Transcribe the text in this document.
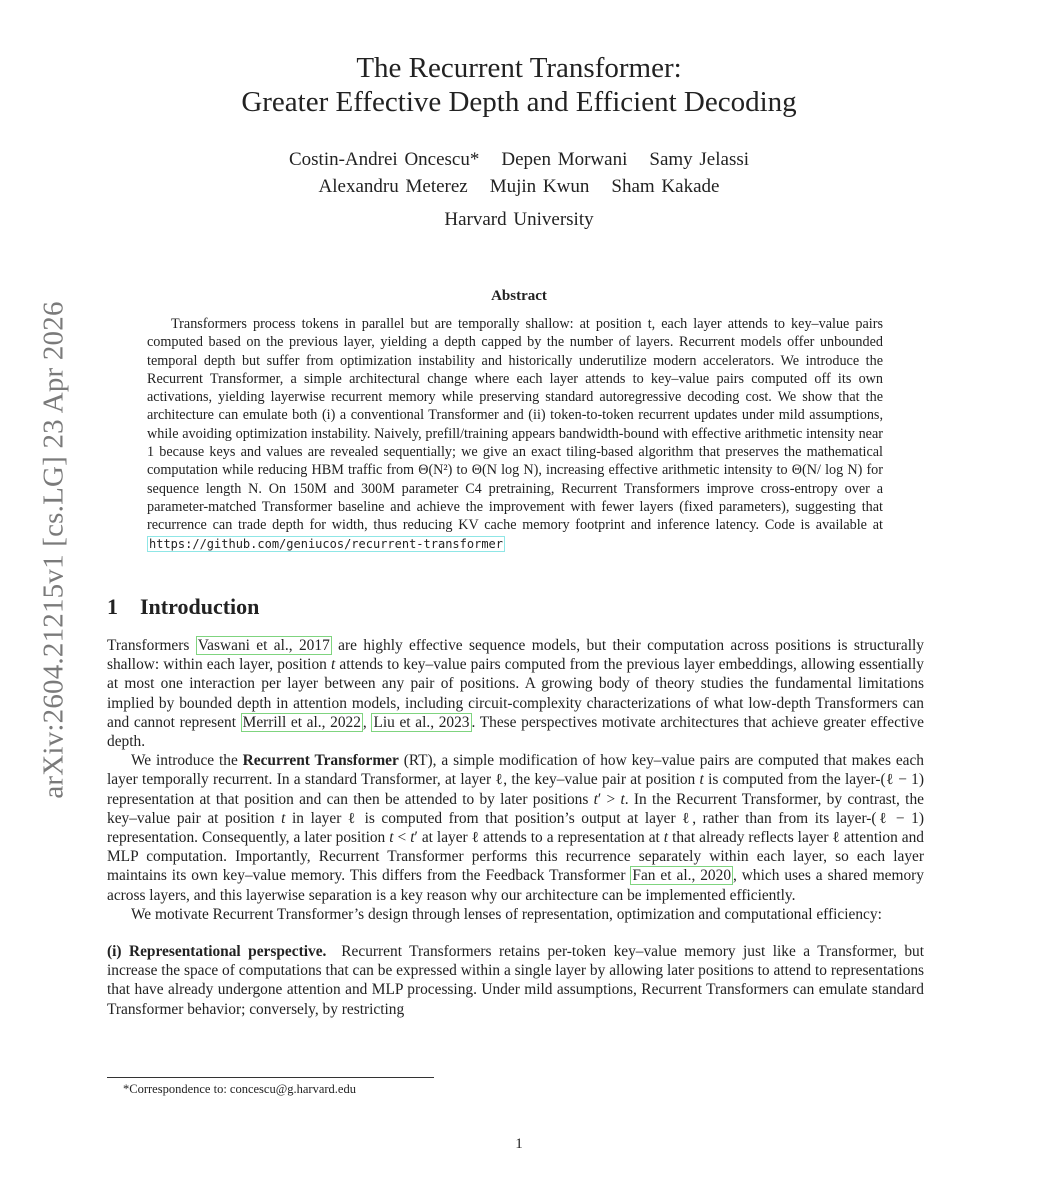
arXiv:2604.21215v1 [cs.LG] 23 Apr 2026
The Recurrent Transformer:
Greater Effective Depth and Efficient Decoding
Costin-Andrei Oncescu* Depen Morwani Samy Jelassi
Alexandru Meterez Mujin Kwun Sham Kakade
Harvard University
Abstract

Transformers process tokens in parallel but are temporally shallow: at position t, each layer attends to key–value pairs computed based on the previous layer, yielding a depth capped by the number of layers. Recurrent models offer unbounded temporal depth but suffer from optimization instability and historically underutilize modern accelerators. We introduce the Recurrent Transformer, a simple architectural change where each layer attends to key–value pairs computed off its own activations, yielding layerwise recurrent memory while preserving standard autoregressive decoding cost. We show that the architecture can emulate both (i) a conventional Transformer and (ii) token-to-token recurrent updates under mild assumptions, while avoiding optimization instability. Naively, prefill/training appears bandwidth-bound with effective arithmetic intensity near 1 because keys and values are revealed sequentially; we give an exact tiling-based algorithm that preserves the mathematical computation while reducing HBM traffic from Θ(N²) to Θ(N log N), increasing effective arithmetic intensity to Θ(N/ log N) for sequence length N. On 150M and 300M parameter C4 pretraining, Recurrent Transformers improve cross-entropy over a parameter-matched Transformer baseline and achieve the improvement with fewer layers (fixed parameters), suggesting that recurrence can trade depth for width, thus reducing KV cache memory footprint and inference latency. Code is available at https://github.com/geniucos/recurrent-transformer

1 Introduction

Transformers Vaswani et al., 2017 are highly effective sequence models, but their computation across positions is structurally shallow: within each layer, position t attends to key–value pairs computed from the previous layer embeddings, allowing essentially at most one interaction per layer between any pair of positions. A growing body of theory studies the fundamental limitations implied by bounded depth in attention models, including circuit-complexity characterizations of what low-depth Transformers can and cannot represent Merrill et al., 2022 , Liu et al., 2023 . These perspectives motivate architectures that achieve greater effective depth.

We introduce the Recurrent Transformer (RT), a simple modification of how key–value pairs are computed that makes each layer temporally recurrent. In a standard Transformer, at layer ℓ, the key–value pair at position t is computed from the layer-(ℓ − 1) representation at that position and can then be attended to by later positions t′ > t. In the Recurrent Transformer, by contrast, the key–value pair at position t in layer ℓ is computed from that position’s output at layer ℓ, rather than from its layer-(ℓ − 1) representation. Consequently, a later position t < t′ at layer ℓ attends to a representation at t that already reflects layer ℓ attention and MLP computation. Importantly, Recurrent Transformer performs this recurrence separately within each layer, so each layer maintains its own key–value memory. This differs from the Feedback Transformer Fan et al., 2020 , which uses a shared memory across layers, and this layerwise separation is a key reason why our architecture can be implemented efficiently.

We motivate Recurrent Transformer’s design through lenses of representation, optimization and computational efficiency:

(i) Representational perspective.  Recurrent Transformers retains per-token key–value memory just like a Transformer, but increase the space of computations that can be expressed within a single layer by allowing later positions to attend to representations that have already undergone attention and MLP processing. Under mild assumptions, Recurrent Transformers can emulate standard Transformer behavior; conversely, by restricting

*Correspondence to: concescu@g.harvard.edu
1
